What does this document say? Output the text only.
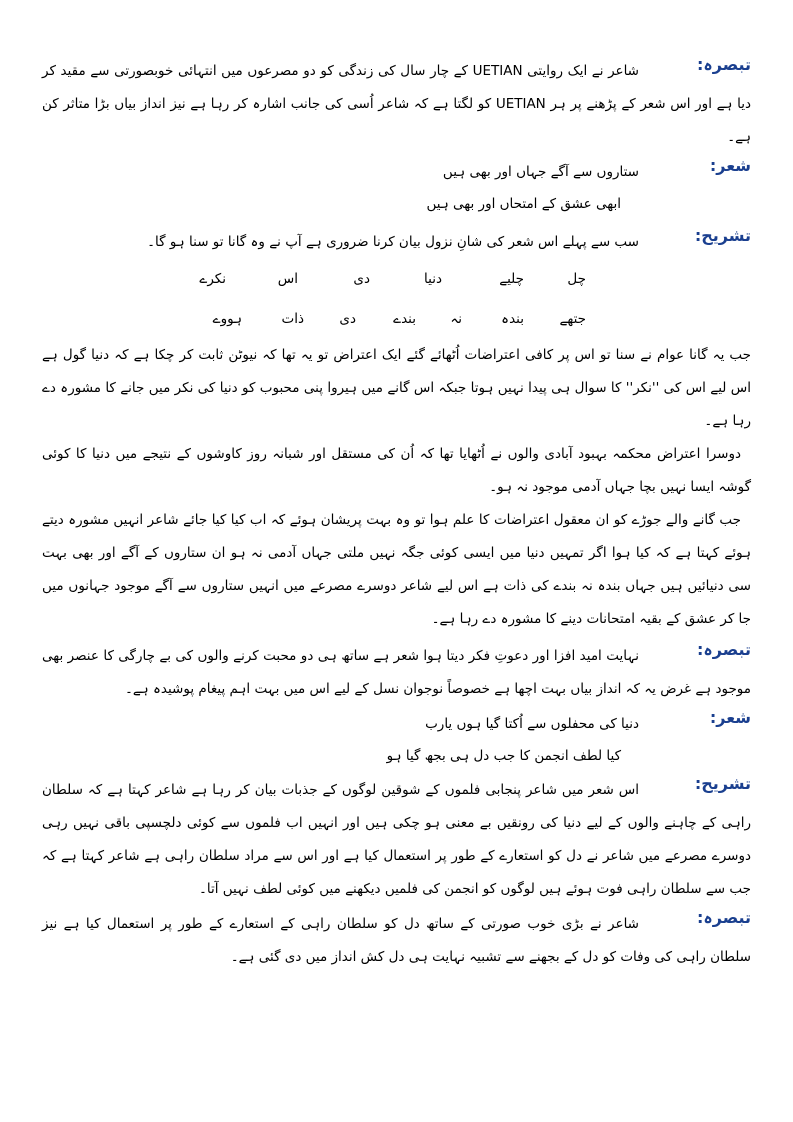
تبصرہ:
شاعر نے ایک روایتی UETIAN کے چار سال کی زندگی کو دو مصرعوں میں انتہائی خوبصورتی سے مقید کر دیا ہے اور اس شعر کے پڑھنے پر ہر UETIAN کو لگتا ہے کہ شاعر اُسی کی جانب اشارہ کر رہا ہے نیز انداز بیاں بڑا متاثر کن ہے۔
شعر:
ستاروں سے آگے جہاں اور بھی ہیں
ابھی عشق کے امتحاں اور بھی ہیں
تشریح:
سب سے پہلے اس شعر کی شانِ نزول بیان کرنا ضروری ہے آپ نے وہ گانا تو سنا ہو گا۔
چل
چلیے
دنیا
دی
اس
نکرے
جتھے
بندہ
نہ
بندے
دی
ذات
ہووے
جب یہ گانا عوام نے سنا تو اس پر کافی اعتراضات اُٹھائے گئے ایک اعتراض تو یہ تھا کہ نیوٹن ثابت کر چکا ہے کہ دنیا گول ہے اس لیے اس کی ''نکر'' کا سوال ہی پیدا نہیں ہوتا جبکہ اس گانے میں ہیروا پنی محبوب کو دنیا کی نکر میں جانے کا مشورہ دے رہا ہے۔
دوسرا اعتراض محکمہ بہبود آبادی والوں نے اُٹھایا تھا کہ اُن کی مستقل اور شبانہ روز کاوشوں کے نتیجے میں دنیا کا کوئی گوشہ ایسا نہیں بچا جہاں آدمی موجود نہ ہو۔
جب گانے والے جوڑے کو ان معقول اعتراضات کا علم ہوا تو وہ بہت پریشان ہوئے کہ اب کیا کیا جائے شاعر انہیں مشورہ دیتے ہوئے کہتا ہے کہ کیا ہوا اگر تمہیں دنیا میں ایسی کوئی جگہ نہیں ملتی جہاں آدمی نہ ہو ان ستاروں کے آگے اور بھی بہت سی دنیائیں ہیں جہاں بندہ نہ بندے کی ذات ہے اس لیے شاعر دوسرے مصرعے میں انہیں ستاروں سے آگے موجود جہانوں میں جا کر عشق کے بقیہ امتحانات دینے کا مشورہ دے رہا ہے۔
تبصرہ:
نہایت امید افزا اور دعوتِ فکر دیتا ہوا شعر ہے ساتھ ہی دو محبت کرنے والوں کی بے چارگی کا عنصر بھی موجود ہے غرض یہ کہ انداز بیاں بہت اچھا ہے خصوصاً نوجوان نسل کے لیے اس میں بہت اہم پیغام پوشیدہ ہے۔
شعر:
دنیا کی محفلوں سے اُکتا گیا ہوں یارب
کیا لطف انجمن کا جب دل ہی بجھ گیا ہو
تشریح:
اس شعر میں شاعر پنجابی فلموں کے شوقین لوگوں کے جذبات بیان کر رہا ہے شاعر کہتا ہے کہ سلطان راہی کے چاہنے والوں کے لیے دنیا کی رونقیں بے معنی ہو چکی ہیں اور انہیں اب فلموں سے کوئی دلچسپی باقی نہیں رہی دوسرے مصرعے میں شاعر نے دل کو استعارے کے طور پر استعمال کیا ہے اور اس سے مراد سلطان راہی ہے شاعر کہتا ہے کہ جب سے سلطان راہی فوت ہوئے ہیں لوگوں کو انجمن کی فلمیں دیکھنے میں کوئی لطف نہیں آتا۔
تبصرہ:
شاعر نے بڑی خوب صورتی کے ساتھ دل کو سلطان راہی کے استعارے کے طور پر استعمال کیا ہے نیز سلطان راہی کی وفات کو دل کے بجھنے سے تشبیہ نہایت ہی دل کش انداز میں دی گئی ہے۔
